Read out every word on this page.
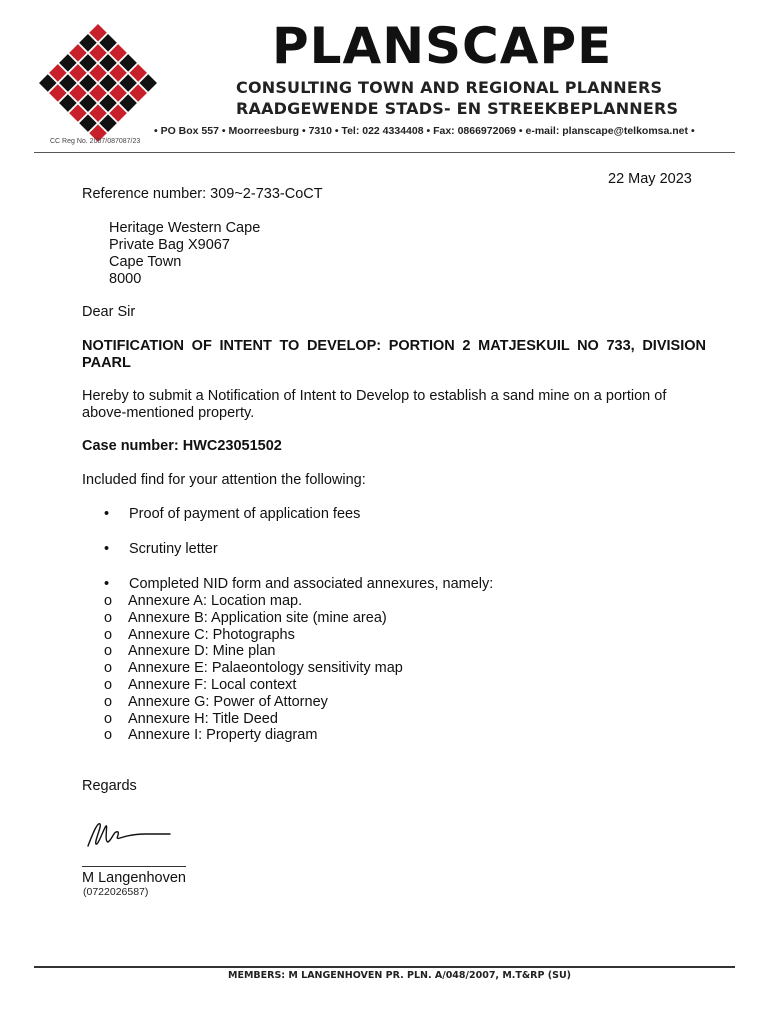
PLANSCAPE
CONSULTING TOWN AND REGIONAL PLANNERS
RAADGEWENDE STADS- EN STREEKBEPLANNERS
• PO Box 557 • Moorreesburg • 7310 • Tel: 022 4334408 • Fax: 0866972069 • e-mail: planscape@telkomsa.net •
CC Reg No. 2007/087087/23
22 May 2023
Reference number: 309~2-733-CoCT
Heritage Western Cape
Private Bag X9067
Cape Town
8000
Dear Sir
NOTIFICATION OF INTENT TO DEVELOP: PORTION 2 MATJESKUIL NO 733, DIVISION PAARL
Hereby to submit a Notification of Intent to Develop to establish a sand mine on a portion of above-mentioned property.
Case number: HWC23051502
Included find for your attention the following:
• Proof of payment of application fees
• Scrutiny letter
• Completed NID form and associated annexures, namely:
o Annexure A: Location map.
o Annexure B: Application site (mine area)
o Annexure C: Photographs
o Annexure D: Mine plan
o Annexure E: Palaeontology sensitivity map
o Annexure F: Local context
o Annexure G: Power of Attorney
o Annexure H: Title Deed
o Annexure I: Property diagram
Regards
M Langenhoven
(0722026587)
MEMBERS: M LANGENHOVEN PR. PLN. A/048/2007, M.T&RP (SU)
